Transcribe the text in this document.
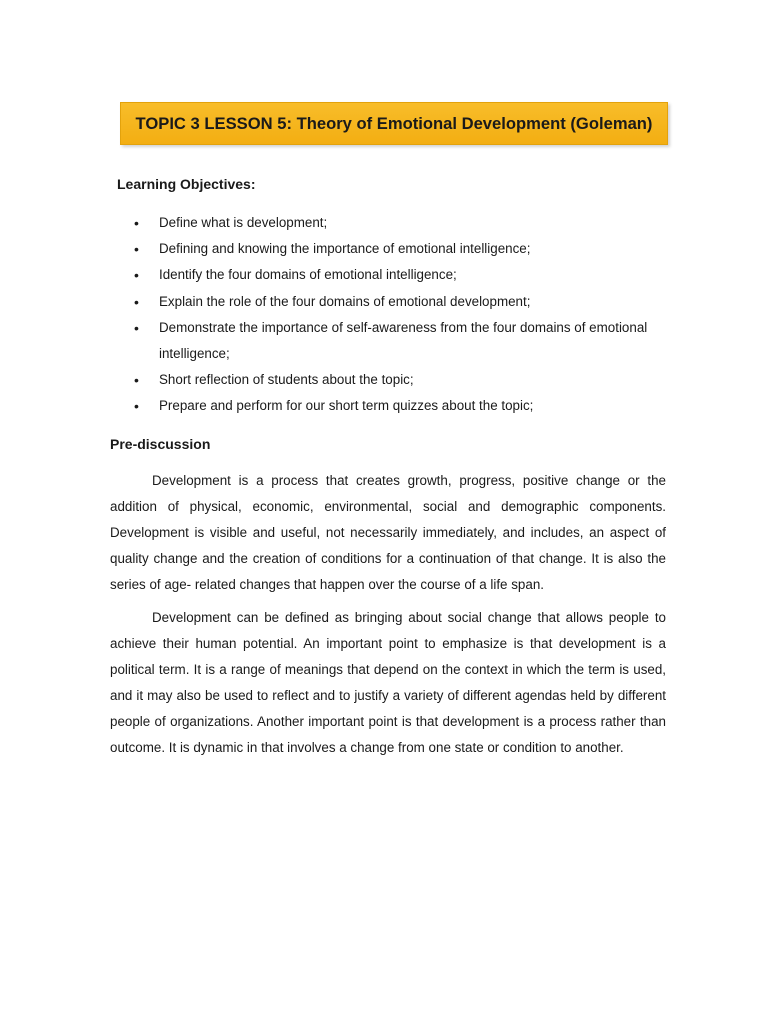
TOPIC 3 LESSON 5: Theory of Emotional Development (Goleman)
Learning Objectives:
• Define what is development;
• Defining and knowing the importance of emotional intelligence;
• Identify the four domains of emotional intelligence;
• Explain the role of the four domains of emotional development;
• Demonstrate the importance of self-awareness from the four domains of emotional intelligence;
• Short reflection of students about the topic;
• Prepare and perform for our short term quizzes about the topic;
Pre-discussion

Development is a process that creates growth, progress, positive change or the addition of physical, economic, environmental, social and demographic components. Development is visible and useful, not necessarily immediately, and includes, an aspect of quality change and the creation of conditions for a continuation of that change. It is also the series of age- related changes that happen over the course of a life span.

Development can be defined as bringing about social change that allows people to achieve their human potential. An important point to emphasize is that development is a political term. It is a range of meanings that depend on the context in which the term is used, and it may also be used to reflect and to justify a variety of different agendas held by different people of organizations. Another important point is that development is a process rather than outcome. It is dynamic in that involves a change from one state or condition to another.
